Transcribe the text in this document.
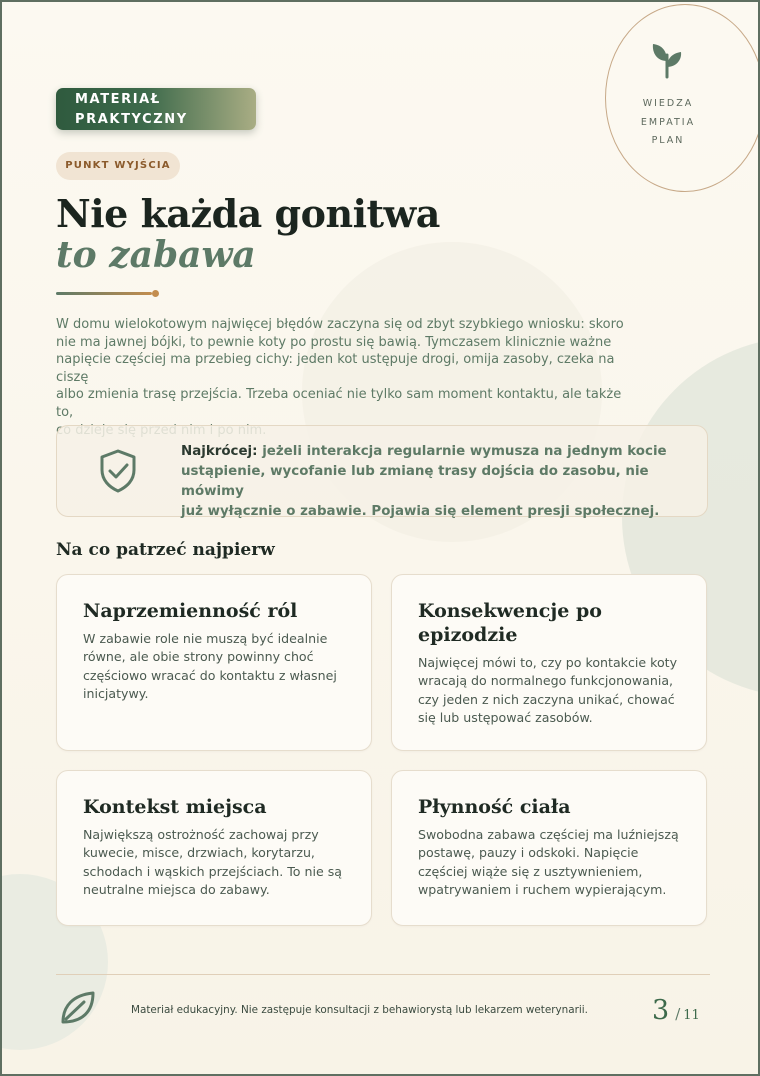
WIEDZA
EMPATIA
PLAN
MATERIAŁ
PRAKTYCZNY
PUNKT WYJŚCIA
Nie każda gonitwa
to zabawa
W domu wielokotowym najwięcej błędów zaczyna się od zbyt szybkiego wniosku: skoro
nie ma jawnej bójki, to pewnie koty po prostu się bawią. Tymczasem klinicznie ważne
napięcie częściej ma przebieg cichy: jeden kot ustępuje drogi, omija zasoby, czeka na ciszę
albo zmienia trasę przejścia. Trzeba oceniać nie tylko sam moment kontaktu, ale także to,
Najkrócej: jeżeli interakcja regularnie wymusza na jednym kocie
ustąpienie, wycofanie lub zmianę trasy dojścia do zasobu, nie mówimy
już wyłącznie o zabawie. Pojawia się element presji społecznej.
Na co patrzeć najpierw
Naprzemienność ról

W zabawie role nie muszą być idealnie
równe, ale obie strony powinny choć
częściowo wracać do kontaktu z własnej
inicjatywy.

Konsekwencje po
epizodzie

Najwięcej mówi to, czy po kontakcie koty
wracają do normalnego funkcjonowania,
czy jeden z nich zaczyna unikać, chować
się lub ustępować zasobów.

Kontekst miejsca

Największą ostrożność zachowaj przy
kuwecie, misce, drzwiach, korytarzu,
schodach i wąskich przejściach. To nie są
neutralne miejsca do zabawy.

Płynność ciała

Swobodna zabawa częściej ma luźniejszą
postawę, pauzy i odskoki. Napięcie
częściej wiąże się z usztywnieniem,
wpatrywaniem i ruchem wypierającym.

Materiał edukacyjny. Nie zastępuje konsultacji z behawiorystą lub lekarzem weterynarii.	3 / 11
